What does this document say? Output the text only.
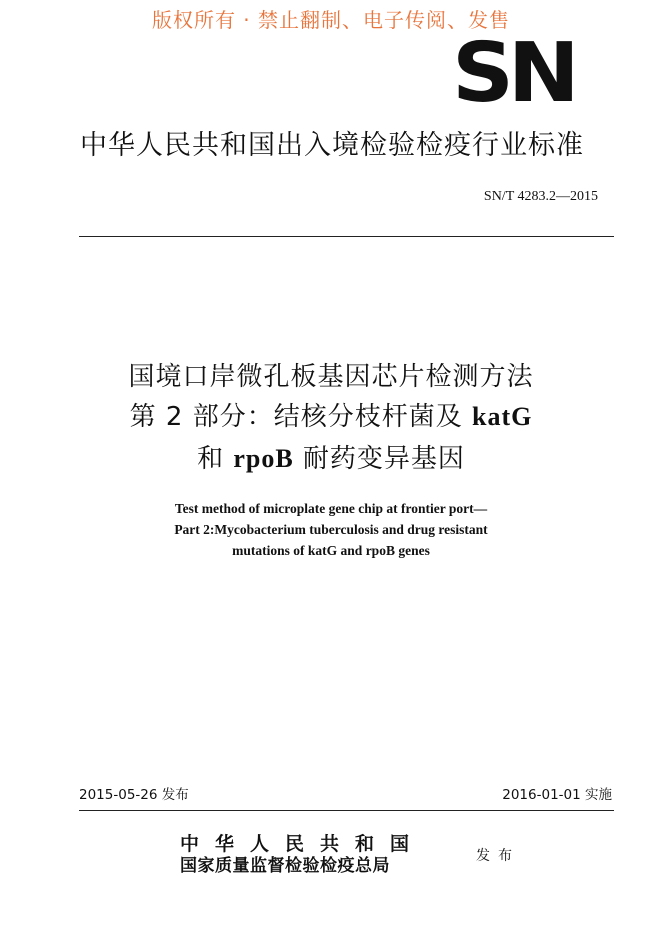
版权所有 · 禁止翻制、电子传阅、发售
SN
中华人民共和国出入境检验检疫行业标准
SN/T 4283.2—2015
国境口岸微孔板基因芯片检测方法
第 2 部分：结核分枝杆菌及 katG
和 rpoB 耐药变异基因
Test method of microplate gene chip at frontier port—
Part 2:Mycobacterium tuberculosis and drug resistant
mutations of katG and rpoB genes
2015-05-26 发布	2016-01-01 实施
中华人民共和国
国家质量监督检验检疫总局	发布
